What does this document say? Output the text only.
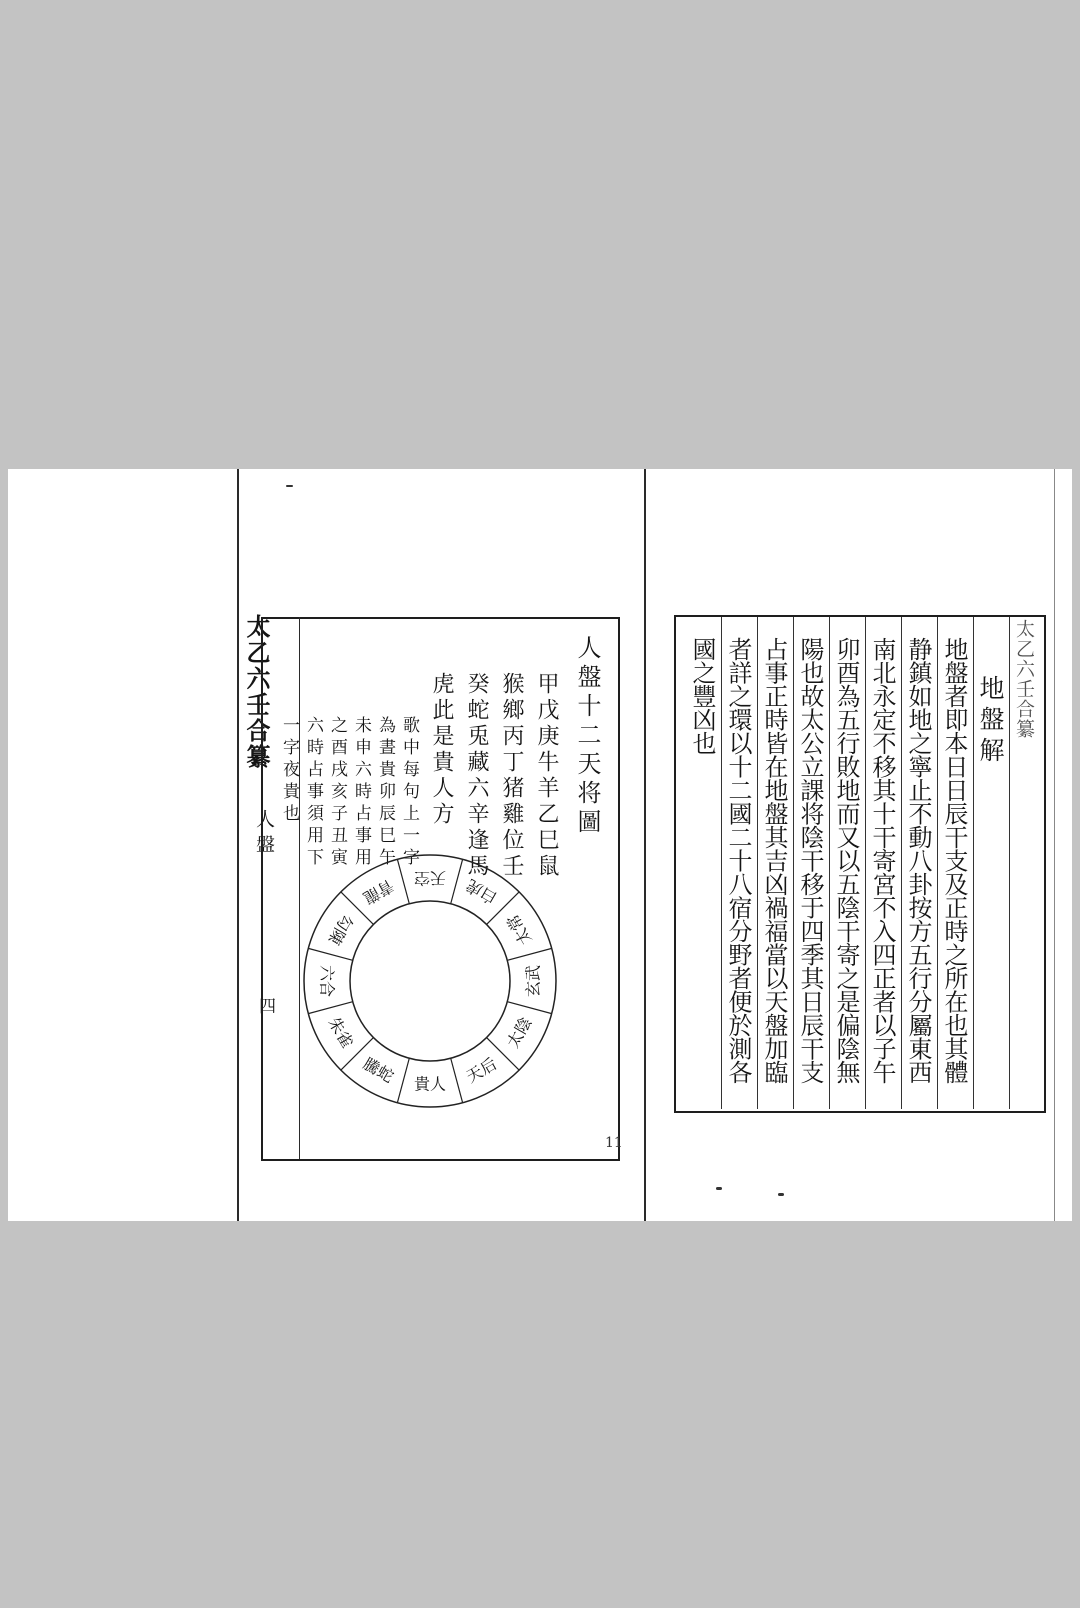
太乙六壬合纂
人盤
四
人盤十二天将圖
甲戊庚牛羊乙巳鼠
猴鄉丙丁猪雞位壬
癸蛇兎藏六辛逢馬
虎此是貴人方
歌中每句上一字
為晝貴卯辰巳午
未申六時占事用
之酉戌亥子丑寅
六時占事須用下
一字夜貴也
貴人
騰蛇
朱雀
六合
勾陳
青龍 天空 白虎
太常
玄武
太陰
天后
11
太乙六壬合纂
地盤解
地盤者即本日日辰干支及正時之所在也其體
静鎮如地之寧止不動八卦按方五行分屬東西
南北永定不移其十干寄宮不入四正者以子午
卯酉為五行敗地而又以五陰干寄之是偏陰無
陽也故太公立課将陰干移于四季其日辰干支
占事正時皆在地盤其吉凶禍福當以天盤加臨
者詳之環以十二國二十八宿分野者便於測各
國之豐凶也
